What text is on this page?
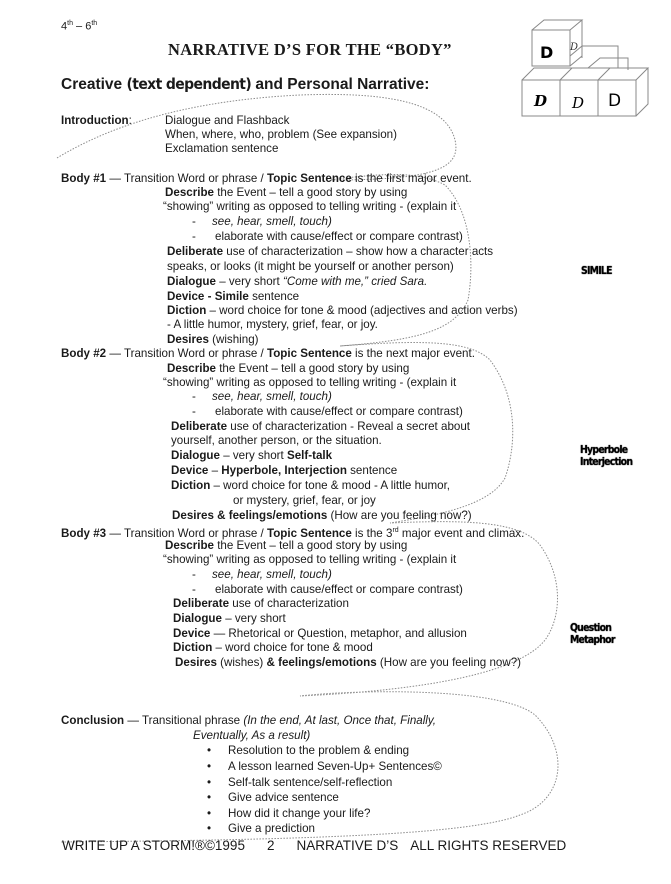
4th – 6th
NARRATIVE D’S FOR THE “BODY”
Creative (text dependent) and Personal Narrative:
D D
D D D
Introduction:	Dialogue and Flashback
When, where, who, problem (See expansion)
Exclamation sentence
Body #1 — Transition Word or phrase / Topic Sentence is the first major event.
Describe the Event – tell a good story by using
“showing” writing as opposed to telling writing - (explain it
- see, hear, smell, touch)
- elaborate with cause/effect or compare contrast)
Deliberate use of characterization – show how a character acts
speaks, or looks (it might be yourself or another person)
Dialogue – very short “Come with me,” cried Sara.
Device - Simile sentence
Diction – word choice for tone & mood (adjectives and action verbs)
- A little humor, mystery, grief, fear, or joy.
Desires (wishing)
SIMILE
Body #2 — Transition Word or phrase / Topic Sentence is the next major event.
Describe the Event – tell a good story by using
“showing” writing as opposed to telling writing - (explain it
- see, hear, smell, touch)
- elaborate with cause/effect or compare contrast)
Deliberate use of characterization - Reveal a secret about
yourself, another person, or the situation.
Dialogue – very short Self-talk
Device – Hyperbole, Interjection sentence
Diction – word choice for tone & mood - A little humor,
or mystery, grief, fear, or joy
Desires & feelings/emotions (How are you feeling now?)
Hyperbole
Interjection
Body #3 — Transition Word or phrase / Topic Sentence is the 3rd major event and climax.
Describe the Event – tell a good story by using
“showing” writing as opposed to telling writing - (explain it
- see, hear, smell, touch)
- elaborate with cause/effect or compare contrast)
Deliberate use of characterization
Dialogue – very short
Device — Rhetorical or Question, metaphor, and allusion
Diction – word choice for tone & mood
Desires (wishes) & feelings/emotions (How are you feeling now?)
Question
Metaphor
Conclusion — Transitional phrase (In the end, At last, Once that, Finally,
Eventually, As a result)
• Resolution to the problem & ending
• A lesson learned Seven-Up+ Sentences©
• Self-talk sentence/self-reflection
• Give advice sentence
• How did it change your life?
• Give a prediction
WRITE UP A STORM!®©1995 2 NARRATIVE D’S ALL RIGHTS RESERVED
